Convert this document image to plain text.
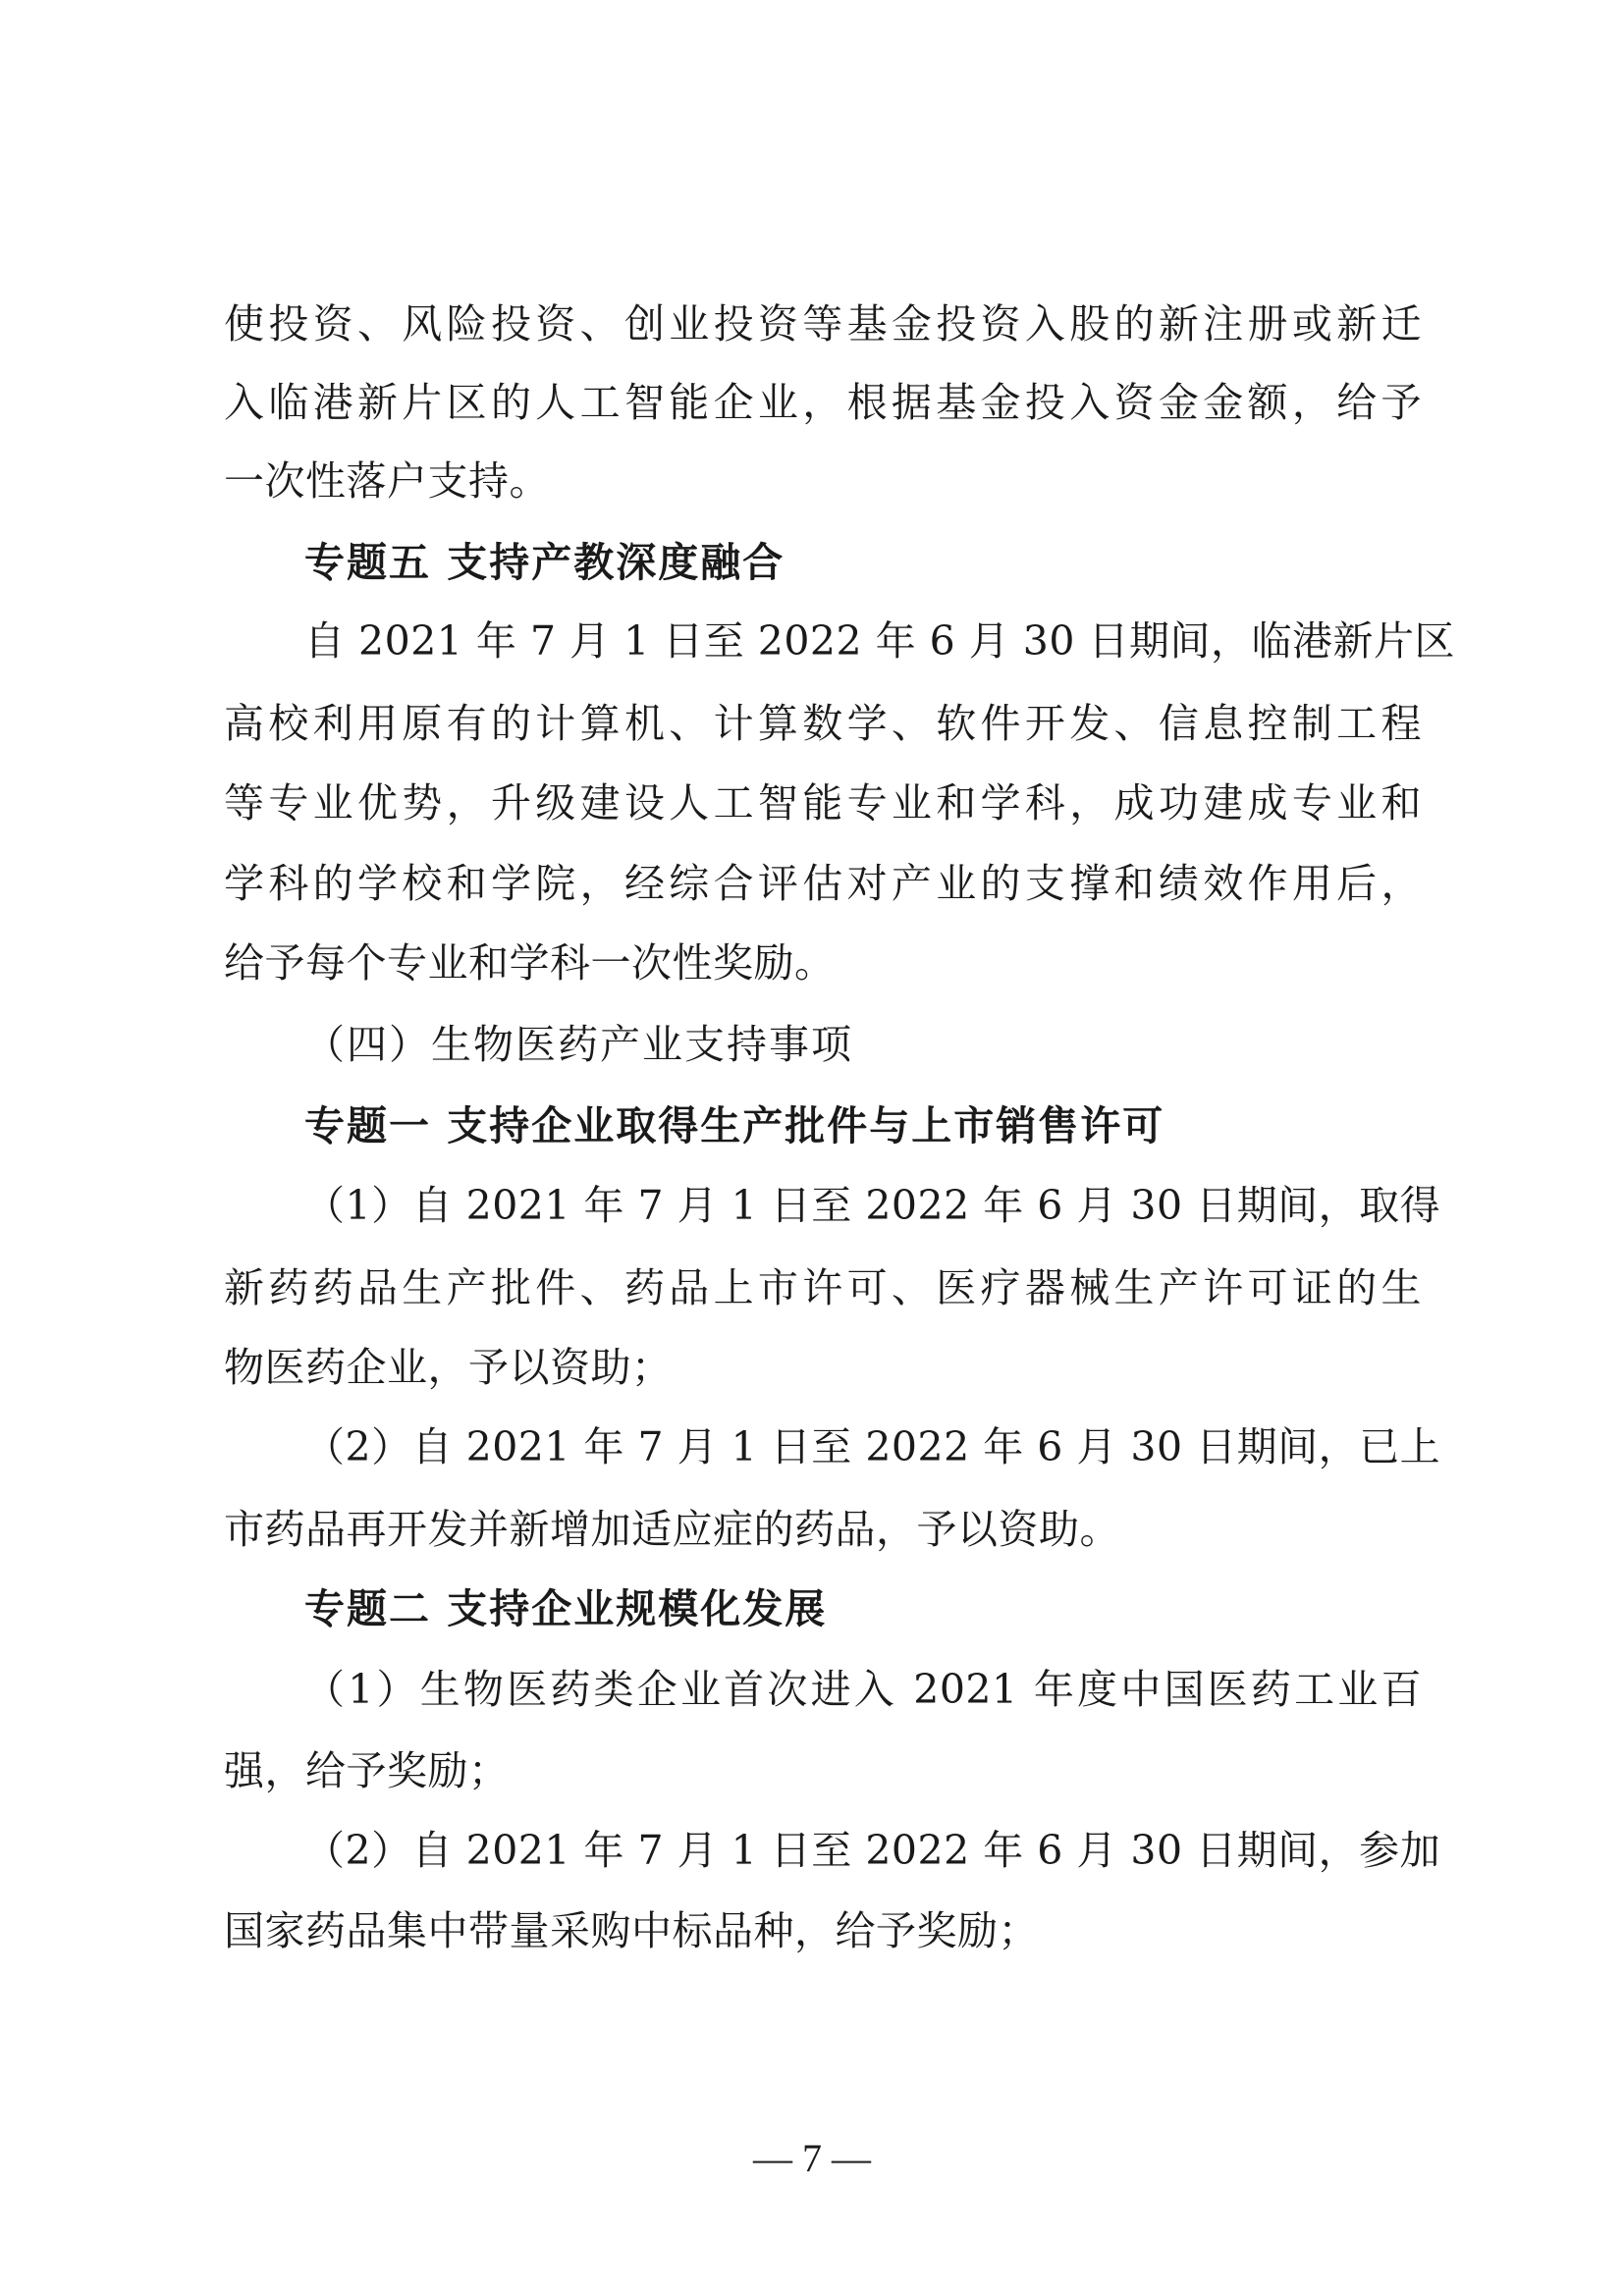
使投资、风险投资、创业投资等基金投资入股的新注册或新迁
入临港新片区的人工智能企业，根据基金投入资金金额，给予
一次性落户支持。
专题五 支持产教深度融合
自 2021 年 7 月 1 日至 2022 年 6 月 30 日期间，临港新片区
高校利用原有的计算机、计算数学、软件开发、信息控制工程
等专业优势，升级建设人工智能专业和学科，成功建成专业和
学科的学校和学院，经综合评估对产业的支撑和绩效作用后，
给予每个专业和学科一次性奖励。
（四）生物医药产业支持事项
专题一 支持企业取得生产批件与上市销售许可
（1）自 2021 年 7 月 1 日至 2022 年 6 月 30 日期间，取得
新药药品生产批件、药品上市许可、医疗器械生产许可证的生
物医药企业，予以资助；
（2）自 2021 年 7 月 1 日至 2022 年 6 月 30 日期间，已上
市药品再开发并新增加适应症的药品，予以资助。
专题二 支持企业规模化发展
（1）生物医药类企业首次进入 2021 年度中国医药工业百
强，给予奖励；
（2）自 2021 年 7 月 1 日至 2022 年 6 月 30 日期间，参加
国家药品集中带量采购中标品种，给予奖励；
— 7 —
